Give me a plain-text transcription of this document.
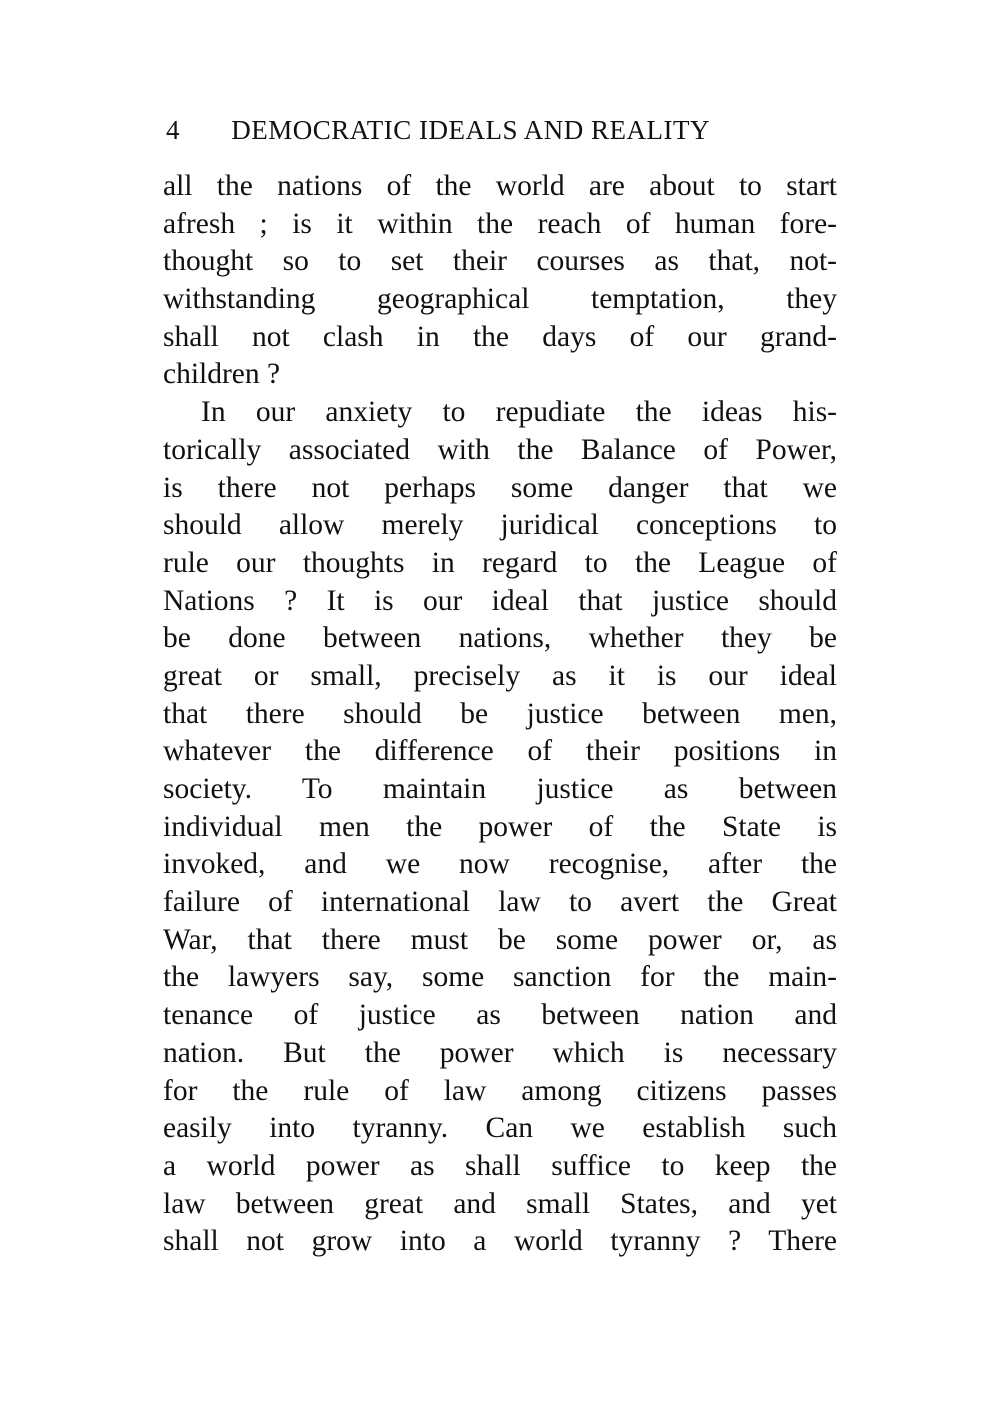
4 DEMOCRATIC IDEALS AND REALITY
all the nations of the world are about to start
afresh ; is it within the reach of human fore-
thought so to set their courses as that, not-
withstanding geographical temptation, they
shall not clash in the days of our grand-
children ?
In our anxiety to repudiate the ideas his-
torically associated with the Balance of Power,
is there not perhaps some danger that we
should allow merely juridical conceptions to
rule our thoughts in regard to the League of
Nations ? It is our ideal that justice should
be done between nations, whether they be
great or small, precisely as it is our ideal
that there should be justice between men,
whatever the difference of their positions in
society. To maintain justice as between
individual men the power of the State is
invoked, and we now recognise, after the
failure of international law to avert the Great
War, that there must be some power or, as
the lawyers say, some sanction for the main-
tenance of justice as between nation and
nation. But the power which is necessary
for the rule of law among citizens passes
easily into tyranny. Can we establish such
a world power as shall suffice to keep the
law between great and small States, and yet
shall not grow into a world tyranny ? There
